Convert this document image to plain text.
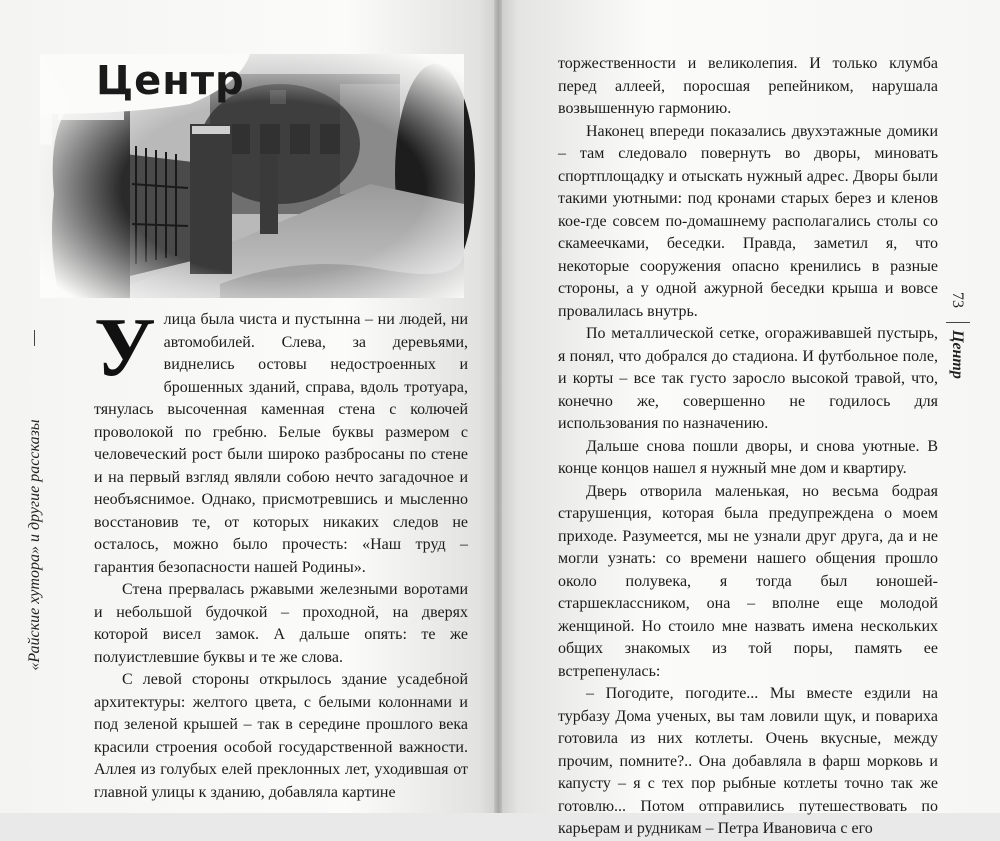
«Райские хутора» и другие рассказы
Центр

Улица была чиста и пустынна – ни людей, ни автомобилей. Слева, за деревьями, виднелись остовы недостроенных и брошенных зданий, справа, вдоль тротуара, тянулась высоченная каменная стена с колючей проволокой по гребню. Белые буквы размером с человеческий рост были широко разбросаны по стене и на первый взгляд являли собою нечто загадочное и необъяснимое. Однако, присмотревшись и мысленно восстановив те, от которых никаких следов не осталось, можно было прочесть: «Наш труд – гарантия безопасности нашей Родины».

Стена прервалась ржавыми железными воротами и небольшой будочкой – проходной, на дверях которой висел замок. А дальше опять: те же полуистлевшие буквы и те же слова.

С левой стороны открылось здание усадебной архитектуры: желтого цвета, с белыми колоннами и под зеленой крышей – так в середине прошлого века красили строения особой государственной важности. Аллея из голубых елей преклонных лет, уходившая от главной улицы к зданию, добавляла картине

73
Центр

торжественности и великолепия. И только клумба перед аллеей, поросшая репейником, нарушала возвышенную гармонию.

Наконец впереди показались двухэтажные домики – там следовало повернуть во дворы, миновать спортплощадку и отыскать нужный адрес. Дворы были такими уютными: под кронами старых берез и кленов кое-где совсем по-домашнему располагались столы со скамеечками, беседки. Правда, заметил я, что некоторые сооружения опасно кренились в разные стороны, а у одной ажурной беседки крыша и вовсе провалилась внутрь.

По металлической сетке, огораживавшей пустырь, я понял, что добрался до стадиона. И футбольное поле, и корты – все так густо заросло высокой травой, что, конечно же, совершенно не годилось для использования по назначению.

Дальше снова пошли дворы, и снова уютные. В конце концов нашел я нужный мне дом и квартиру.

Дверь отворила маленькая, но весьма бодрая старушенция, которая была предупреждена о моем приходе. Разумеется, мы не узнали друг друга, да и не могли узнать: со времени нашего общения прошло около полувека, я тогда был юношей-старшеклассником, она – вполне еще молодой женщиной. Но стоило мне назвать имена нескольких общих знакомых из той поры, память ее встрепенулась:

– Погодите, погодите... Мы вместе ездили на турбазу Дома ученых, вы там ловили щук, и повариха готовила из них котлеты. Очень вкусные, между прочим, помните?.. Она добавляла в фарш морковь и капусту – я с тех пор рыбные котлеты точно так же готовлю... Потом отправились путешествовать по карьерам и рудникам – Петра Ивановича с его
